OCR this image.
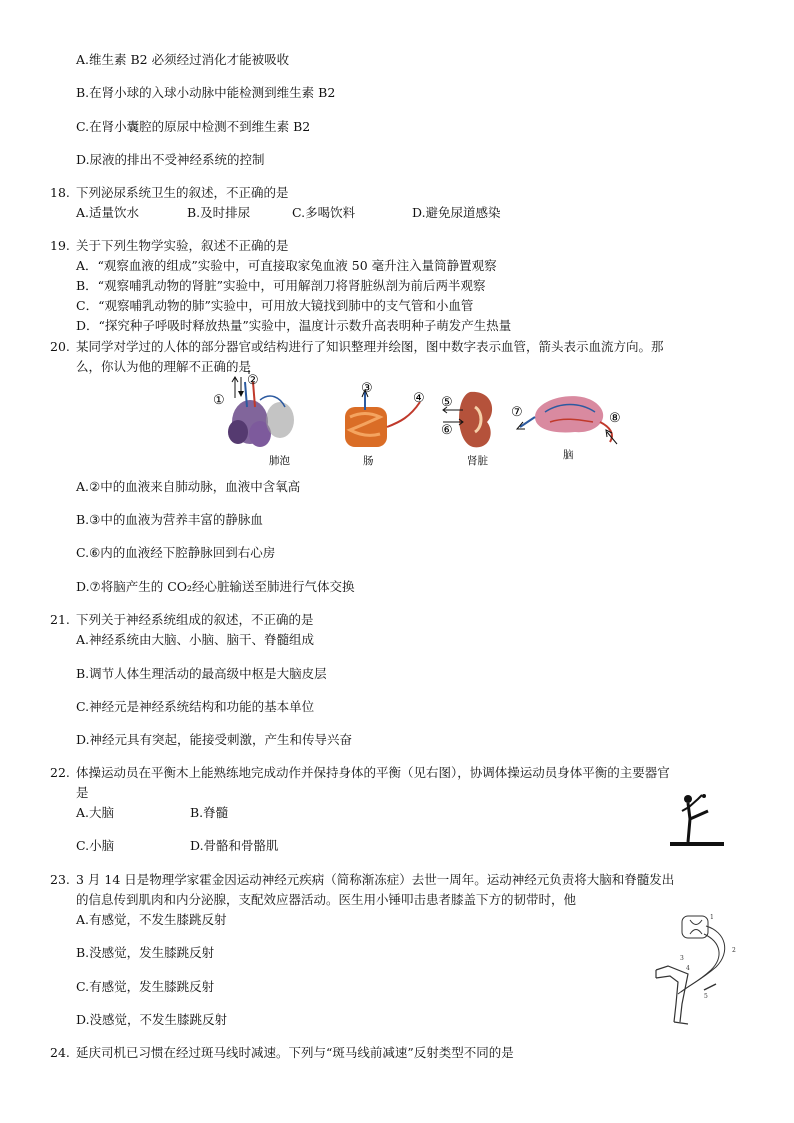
A.维生素 B2 必须经过消化才能被吸收
B.在肾小球的入球小动脉中能检测到维生素 B2
C.在肾小囊腔的原尿中检测不到维生素 B2
D.尿液的排出不受神经系统的控制
18. 下列泌尿系统卫生的叙述，不正确的是
A.适量饮水	B.及时排尿	C.多喝饮料	D.避免尿道感染
19. 关于下列生物学实验，叙述不正确的是
A．“观察血液的组成”实验中，可直接取家兔血液 50 毫升注入量筒静置观察
B．“观察哺乳动物的肾脏”实验中，可用解剖刀将肾脏纵剖为前后两半观察
C．“观察哺乳动物的肺”实验中，可用放大镜找到肺中的支气管和小血管
D．“探究种子呼吸时释放热量”实验中，温度计示数升高表明种子萌发产生热量
20. 某同学对学过的人体的部分器官或结构进行了知识整理并绘图，图中数字表示血管，箭头表示血流方向。那
么，你认为他的理解不正确的是
①
②
肺泡
③
④
肠
⑤
⑥
肾脏
⑦	⑧
脑
A.②中的血液来自肺动脉，血液中含氧高
B.③中的血液为营养丰富的静脉血
C.⑥内的血液经下腔静脉回到右心房
D.⑦将脑产生的 CO₂经心脏输送至肺进行气体交换
21. 下列关于神经系统组成的叙述，不正确的是
A.神经系统由大脑、小脑、脑干、脊髓组成
B.调节人体生理活动的最高级中枢是大脑皮层
C.神经元是神经系统结构和功能的基本单位
D.神经元具有突起，能接受刺激，产生和传导兴奋
22. 体操运动员在平衡木上能熟练地完成动作并保持身体的平衡（见右图），协调体操运动员身体平衡的主要器官
是
A.大脑	B.脊髓
C.小脑	D.骨骼和骨骼肌
23. 3 月 14 日是物理学家霍金因运动神经元疾病（简称渐冻症）去世一周年。运动神经元负责将大脑和脊髓发出
的信息传到肌肉和内分泌腺，支配效应器活动。医生用小锤叩击患者膝盖下方的韧带时，他
A.有感觉，不发生膝跳反射
B.没感觉，发生膝跳反射
C.有感觉，发生膝跳反射
D.没感觉，不发生膝跳反射
1
2
3
4
5
24. 延庆司机已习惯在经过斑马线时减速。下列与“斑马线前减速”反射类型不同的是
